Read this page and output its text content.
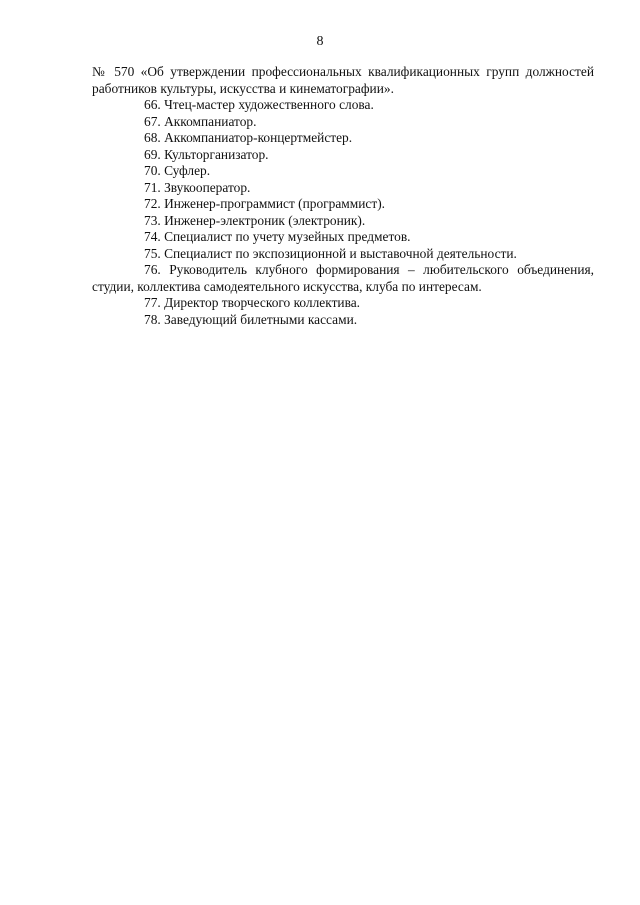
8

№ 570 «Об утверждении профессиональных квалификационных групп должностей работников культуры, искусства и кинематографии».

66. Чтец-мастер художественного слова.

67. Аккомпаниатор.

68. Аккомпаниатор-концертмейстер.

69. Культорганизатор.

70. Суфлер.

71. Звукооператор.

72. Инженер-программист (программист).

73. Инженер-электроник (электроник).

74. Специалист по учету музейных предметов.

75. Специалист по экспозиционной и выставочной деятельности.

76. Руководитель клубного формирования – любительского объединения, студии, коллектива самодеятельного искусства, клуба по интересам.

77. Директор творческого коллектива.

78. Заведующий билетными кассами.
